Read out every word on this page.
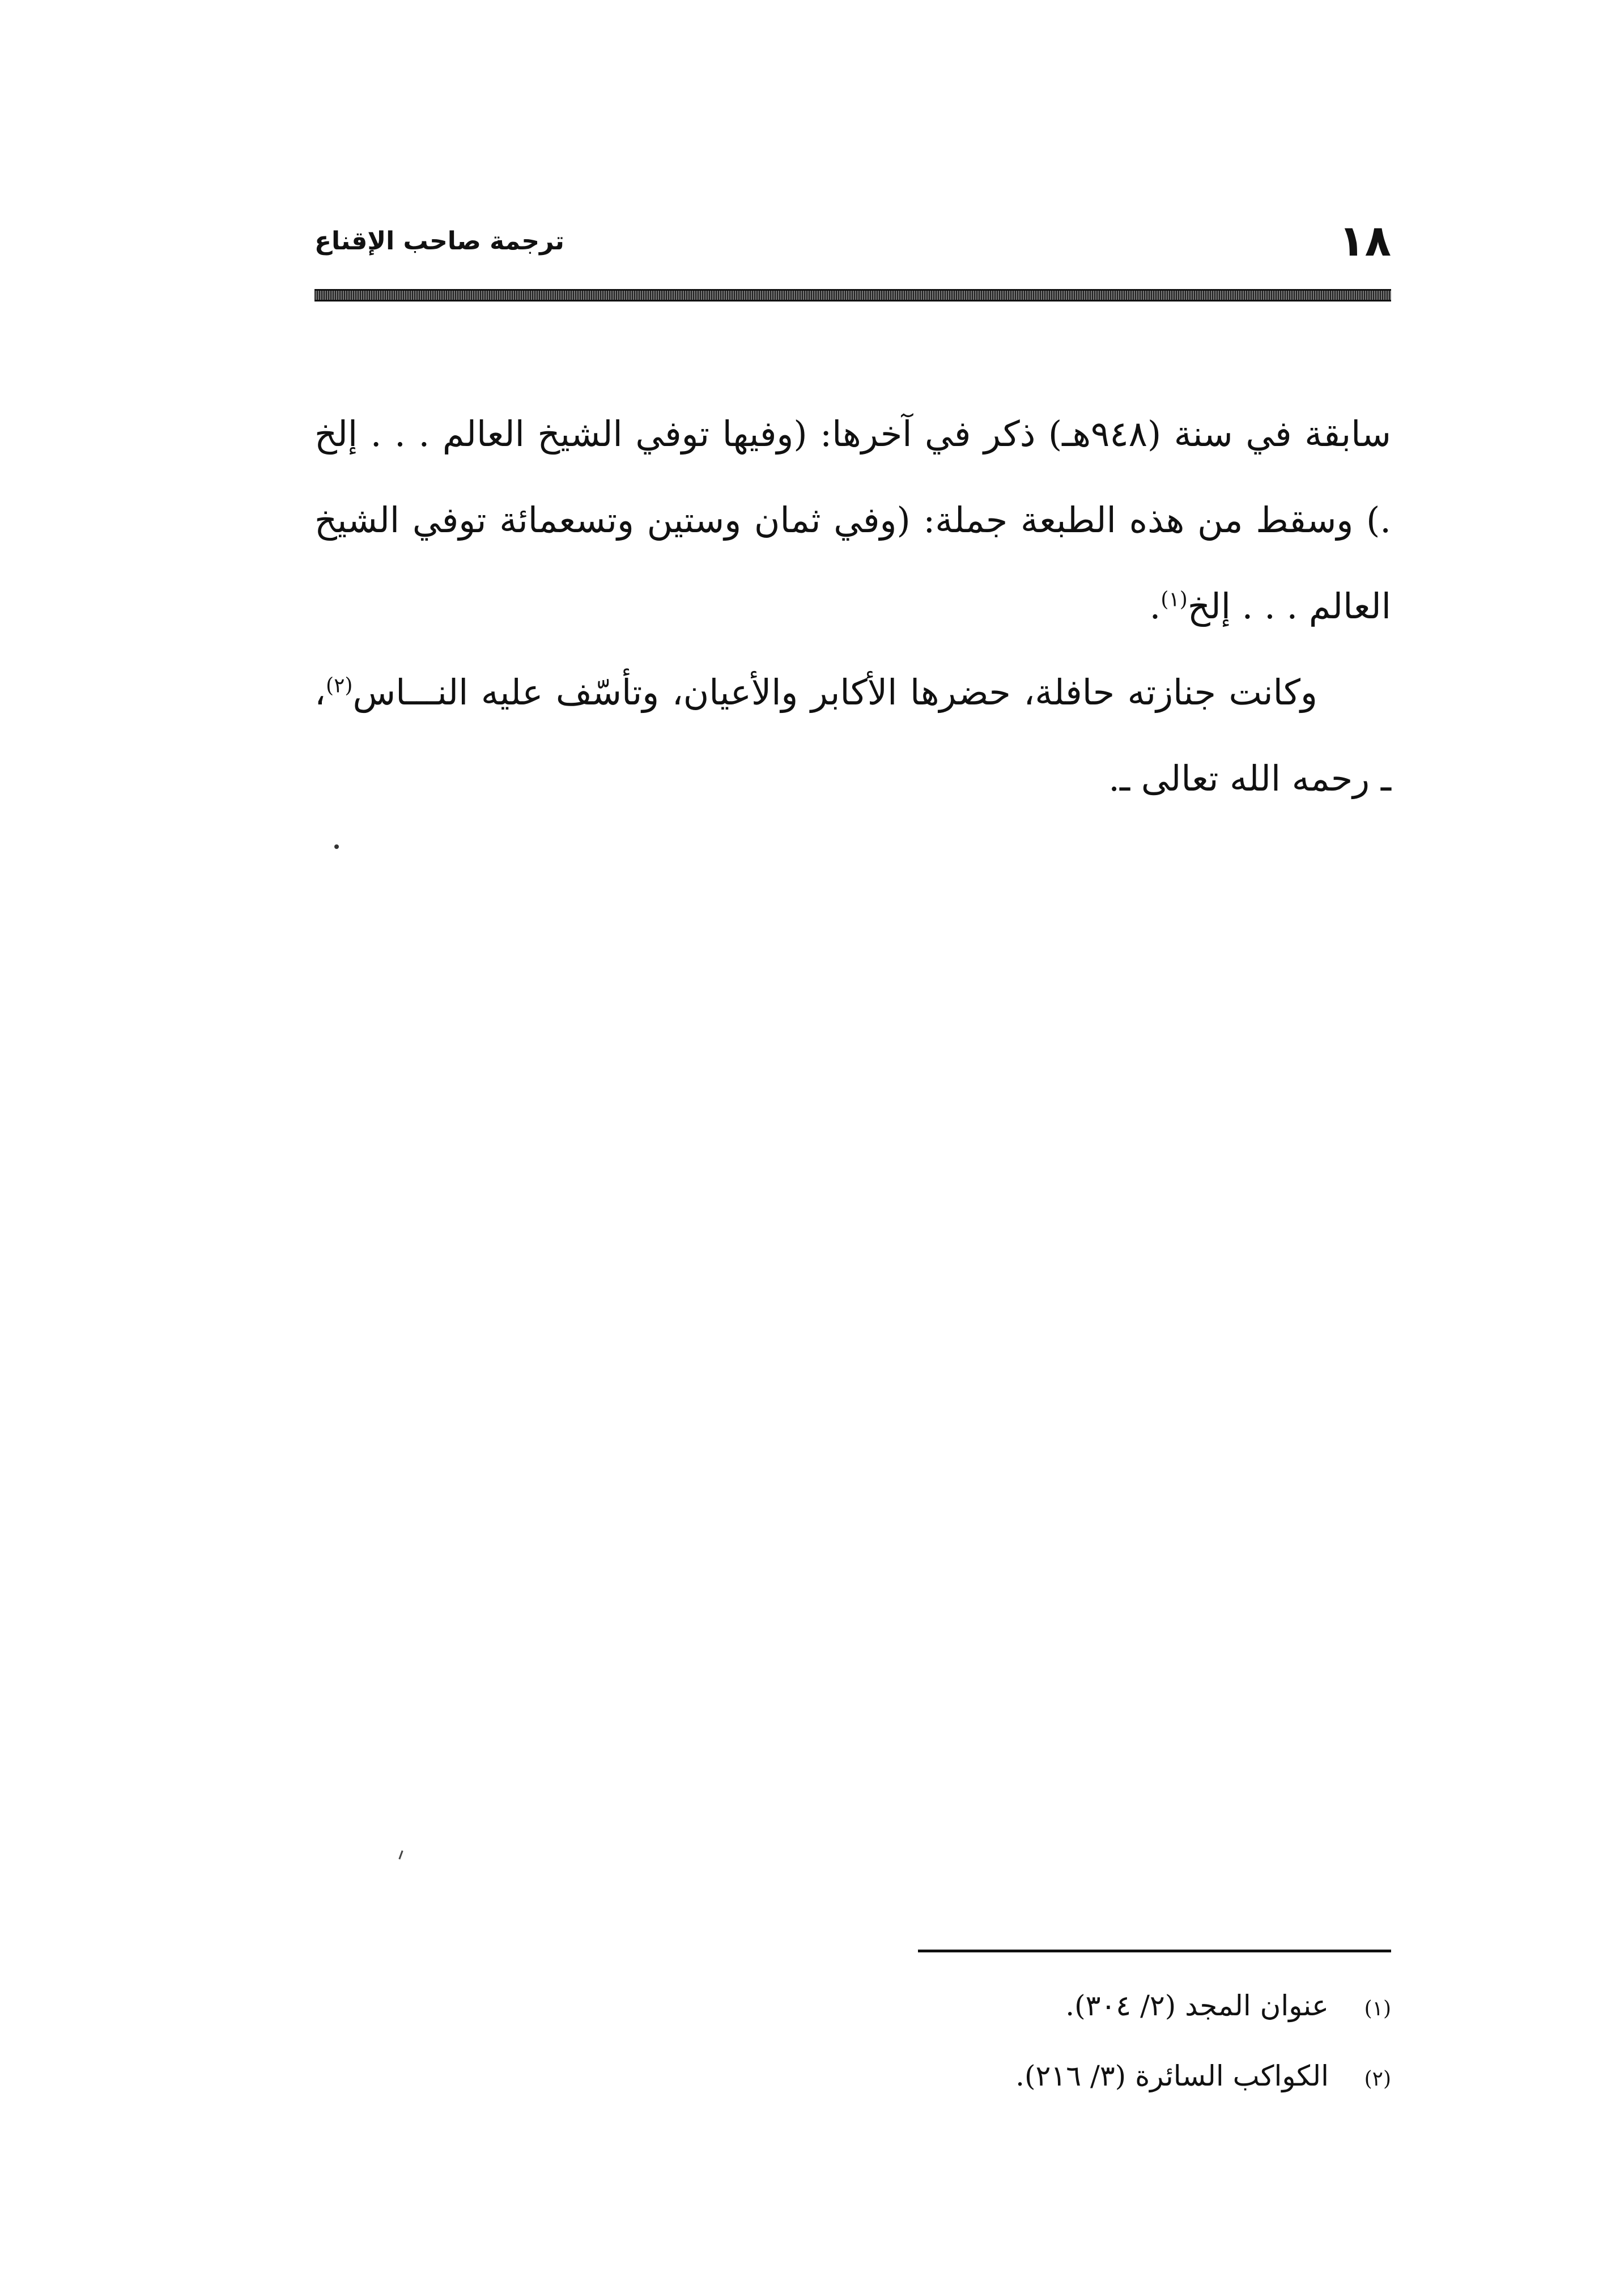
ترجمة صاحب الإقناع	١٨

سابقة في سنة (٩٤٨هـ) ذكر في آخرها: (وفيها توفي الشيخ العالم . . . إلخ .) وسقط من هذه الطبعة جملة: (وفي ثمان وستين وتسعمائة توفي الشيخ العالم . . . إلخ$^{(١)}$.

وكانت جنازته حافلة، حضرها الأكابر والأعيان، وتأسّف عليه النـــاس$^{(٢)}$، ـ رحمه الله تعالى ـ.

(١)
عنوان المجد (٢/ ٣٠٤).
(٢)
الكواكب السائرة (٣/ ٢١٦).
